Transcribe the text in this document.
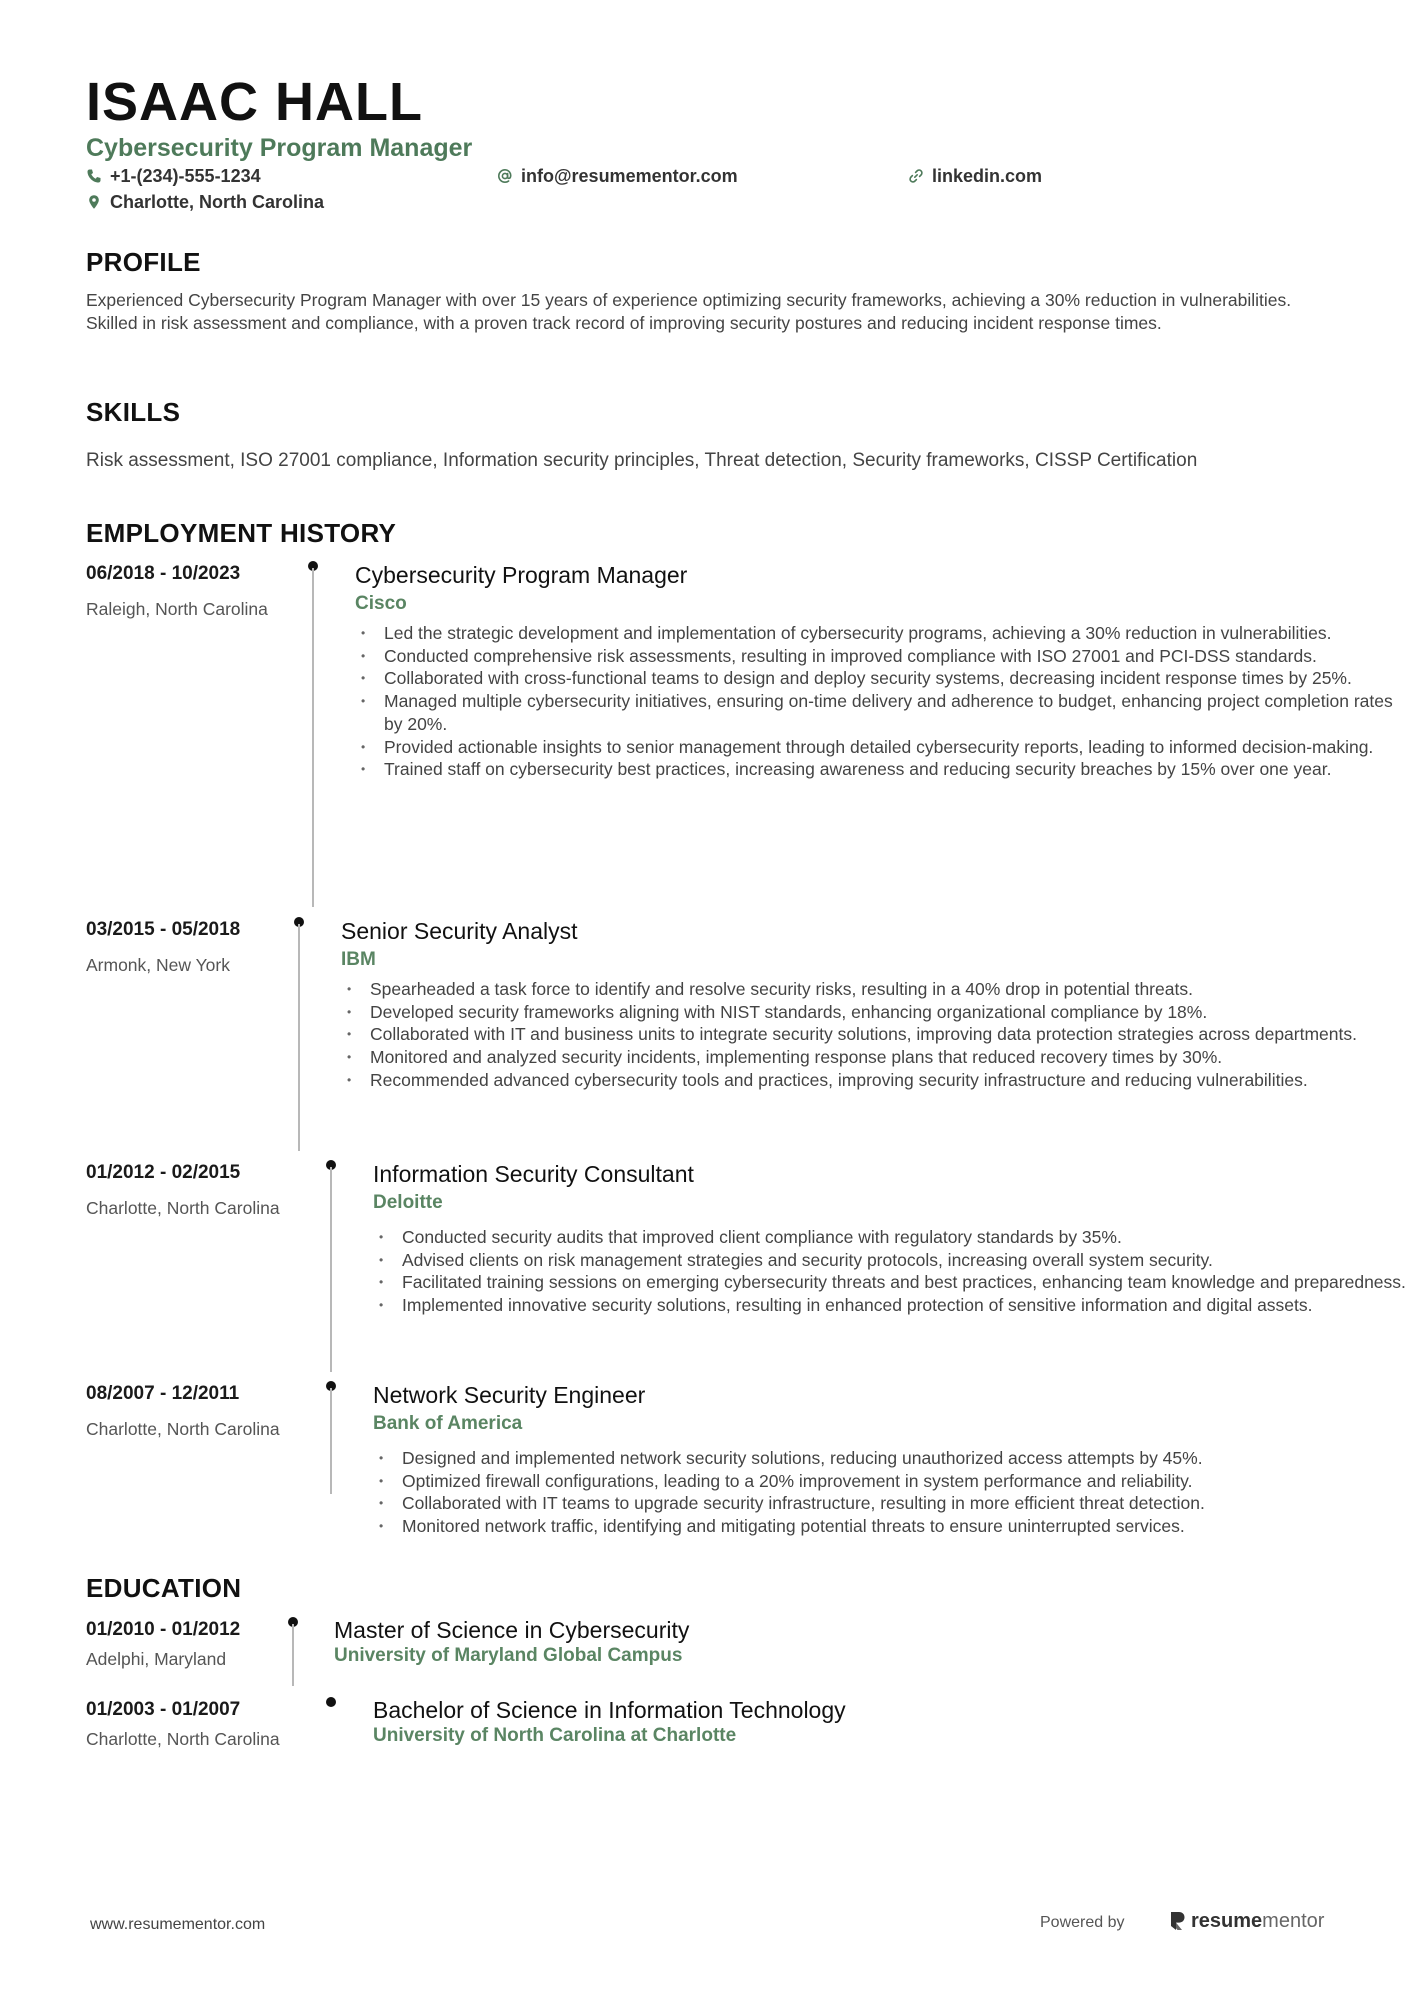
ISAAC HALL
Cybersecurity Program Manager
+1-(234)-555-1234	info@resumementor.com	linkedin.com
Charlotte, North Carolina
PROFILE
Experienced Cybersecurity Program Manager with over 15 years of experience optimizing security frameworks, achieving a 30% reduction in vulnerabilities. Skilled in risk assessment and compliance, with a proven track record of improving security postures and reducing incident response times.
SKILLS
Risk assessment, ISO 27001 compliance, Information security principles, Threat detection, Security frameworks, CISSP Certification
EMPLOYMENT HISTORY
06/2018 - 10/2023
Raleigh, North Carolina
Cybersecurity Program Manager
Cisco
• Led the strategic development and implementation of cybersecurity programs, achieving a 30% reduction in vulnerabilities.
• Conducted comprehensive risk assessments, resulting in improved compliance with ISO 27001 and PCI-DSS standards.
• Collaborated with cross-functional teams to design and deploy security systems, decreasing incident response times by 25%.
• Managed multiple cybersecurity initiatives, ensuring on-time delivery and adherence to budget, enhancing project completion rates by 20%.
• Provided actionable insights to senior management through detailed cybersecurity reports, leading to informed decision-making.
• Trained staff on cybersecurity best practices, increasing awareness and reducing security breaches by 15% over one year.
03/2015 - 05/2018
Armonk, New York
Senior Security Analyst
IBM
• Spearheaded a task force to identify and resolve security risks, resulting in a 40% drop in potential threats.
• Developed security frameworks aligning with NIST standards, enhancing organizational compliance by 18%.
• Collaborated with IT and business units to integrate security solutions, improving data protection strategies across departments.
• Monitored and analyzed security incidents, implementing response plans that reduced recovery times by 30%.
• Recommended advanced cybersecurity tools and practices, improving security infrastructure and reducing vulnerabilities.
01/2012 - 02/2015
Charlotte, North Carolina
Information Security Consultant
Deloitte
• Conducted security audits that improved client compliance with regulatory standards by 35%.
• Advised clients on risk management strategies and security protocols, increasing overall system security.
• Facilitated training sessions on emerging cybersecurity threats and best practices, enhancing team knowledge and preparedness.
• Implemented innovative security solutions, resulting in enhanced protection of sensitive information and digital assets.
08/2007 - 12/2011
Charlotte, North Carolina
Network Security Engineer
Bank of America
• Designed and implemented network security solutions, reducing unauthorized access attempts by 45%.
• Optimized firewall configurations, leading to a 20% improvement in system performance and reliability.
• Collaborated with IT teams to upgrade security infrastructure, resulting in more efficient threat detection.
• Monitored network traffic, identifying and mitigating potential threats to ensure uninterrupted services.
EDUCATION
01/2010 - 01/2012
Adelphi, Maryland
Master of Science in Cybersecurity
University of Maryland Global Campus
01/2003 - 01/2007
Charlotte, North Carolina
Bachelor of Science in Information Technology
University of North Carolina at Charlotte
www.resumementor.com	Powered by	resume mentor
